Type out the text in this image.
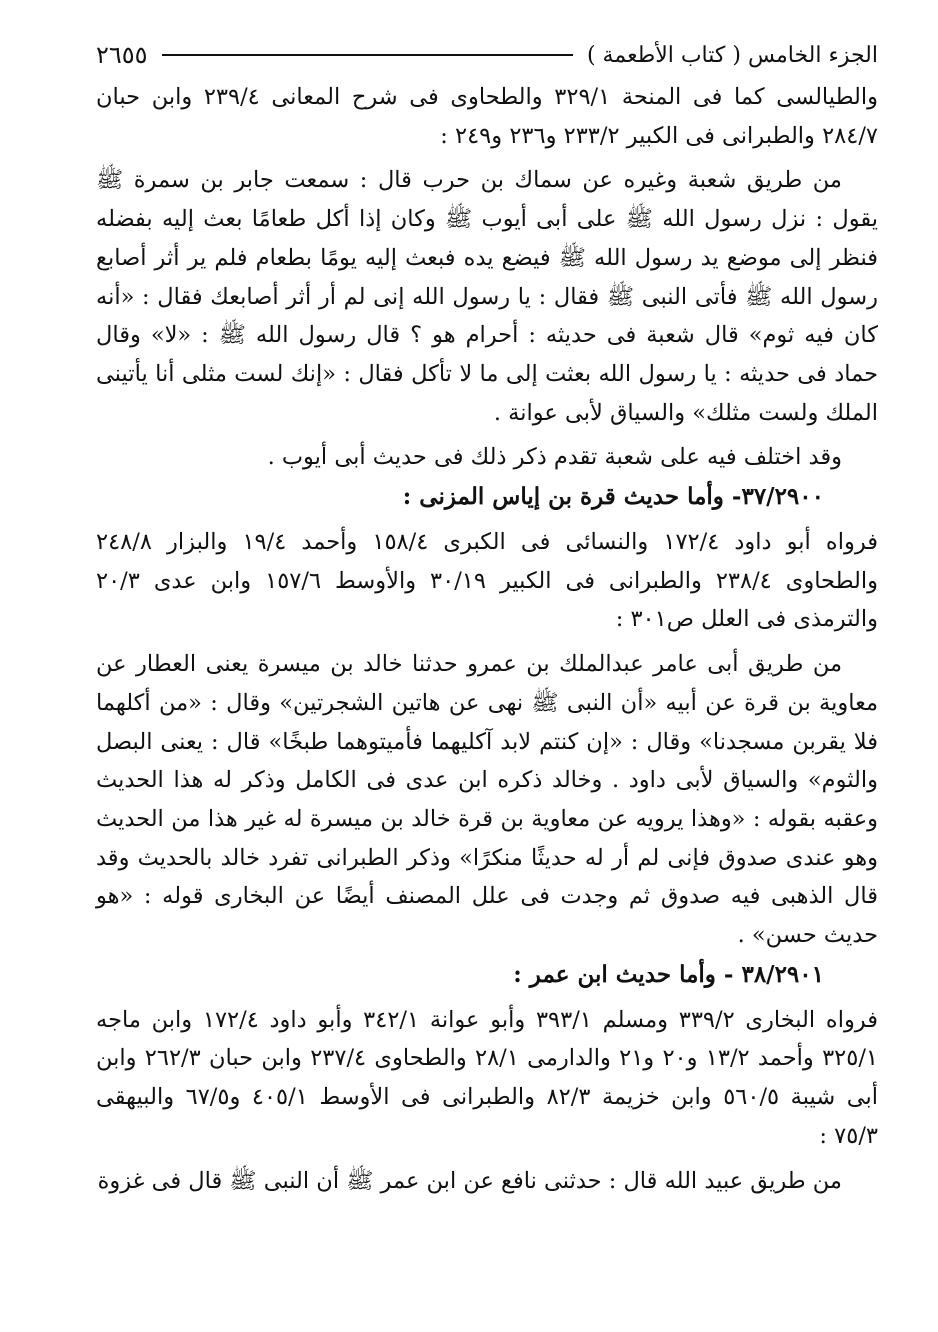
الجزء الخامس ( كتاب الأطعمة )
٢٦٥٥

والطيالسى كما فى المنحة ٣٢٩/١ والطحاوى فى شرح المعانى ٢٣٩/٤ وابن حبان ٢٨٤/٧ والطبرانى فى الكبير ٢٣٣/٢ و٢٣٦ و٢٤٩ :

من طريق شعبة وغيره عن سماك بن حرب قال : سمعت جابر بن سمرة ﷺ يقول : نزل رسول الله ﷺ على أبى أيوب ﷺ وكان إذا أكل طعامًا بعث إليه بفضله فنظر إلى موضع يد رسول الله ﷺ فيضع يده فبعث إليه يومًا بطعام فلم ير أثر أصابع رسول الله ﷺ فأتى النبى ﷺ فقال : يا رسول الله إنى لم أر أثر أصابعك فقال : «أنه كان فيه ثوم» قال شعبة فى حديثه : أحرام هو ؟ قال رسول الله ﷺ : «لا» وقال حماد فى حديثه : يا رسول الله بعثت إلى ما لا تأكل فقال : «إنك لست مثلى أنا يأتينى الملك ولست مثلك» والسياق لأبى عوانة .

وقد اختلف فيه على شعبة تقدم ذكر ذلك فى حديث أبى أيوب .

٣٧/٢٩٠٠- وأما حديث قرة بن إياس المزنى :

فرواه أبو داود ١٧٢/٤ والنسائى فى الكبرى ١٥٨/٤ وأحمد ١٩/٤ والبزار ٢٤٨/٨ والطحاوى ٢٣٨/٤ والطبرانى فى الكبير ٣٠/١٩ والأوسط ١٥٧/٦ وابن عدى ٢٠/٣ والترمذى فى العلل ص٣٠١ :

من طريق أبى عامر عبدالملك بن عمرو حدثنا خالد بن ميسرة يعنى العطار عن معاوية بن قرة عن أبيه «أن النبى ﷺ نهى عن هاتين الشجرتين» وقال : «من أكلهما فلا يقربن مسجدنا» وقال : «إن كنتم لابد آكليهما فأميتوهما طبخًا» قال : يعنى البصل والثوم» والسياق لأبى داود . وخالد ذكره ابن عدى فى الكامل وذكر له هذا الحديث وعقبه بقوله : «وهذا يرويه عن معاوية بن قرة خالد بن ميسرة له غير هذا من الحديث وهو عندى صدوق فإنى لم أر له حديثًا منكرًا» وذكر الطبرانى تفرد خالد بالحديث وقد قال الذهبى فيه صدوق ثم وجدت فى علل المصنف أيضًا عن البخارى قوله : «هو حديث حسن» .

٣٨/٢٩٠١ - وأما حديث ابن عمر :

فرواه البخارى ٣٣٩/٢ ومسلم ٣٩٣/١ وأبو عوانة ٣٤٢/١ وأبو داود ١٧٢/٤ وابن ماجه ٣٢٥/١ وأحمد ١٣/٢ و٢٠ و٢١ والدارمى ٢٨/١ والطحاوى ٢٣٧/٤ وابن حبان ٢٦٢/٣ وابن أبى شيبة ٥٦٠/٥ وابن خزيمة ٨٢/٣ والطبرانى فى الأوسط ٤٠٥/١ و٦٧/٥ والبيهقى ٧٥/٣ :

من طريق عبيد الله قال : حدثنى نافع عن ابن عمر ﷺ أن النبى ﷺ قال فى غزوة
